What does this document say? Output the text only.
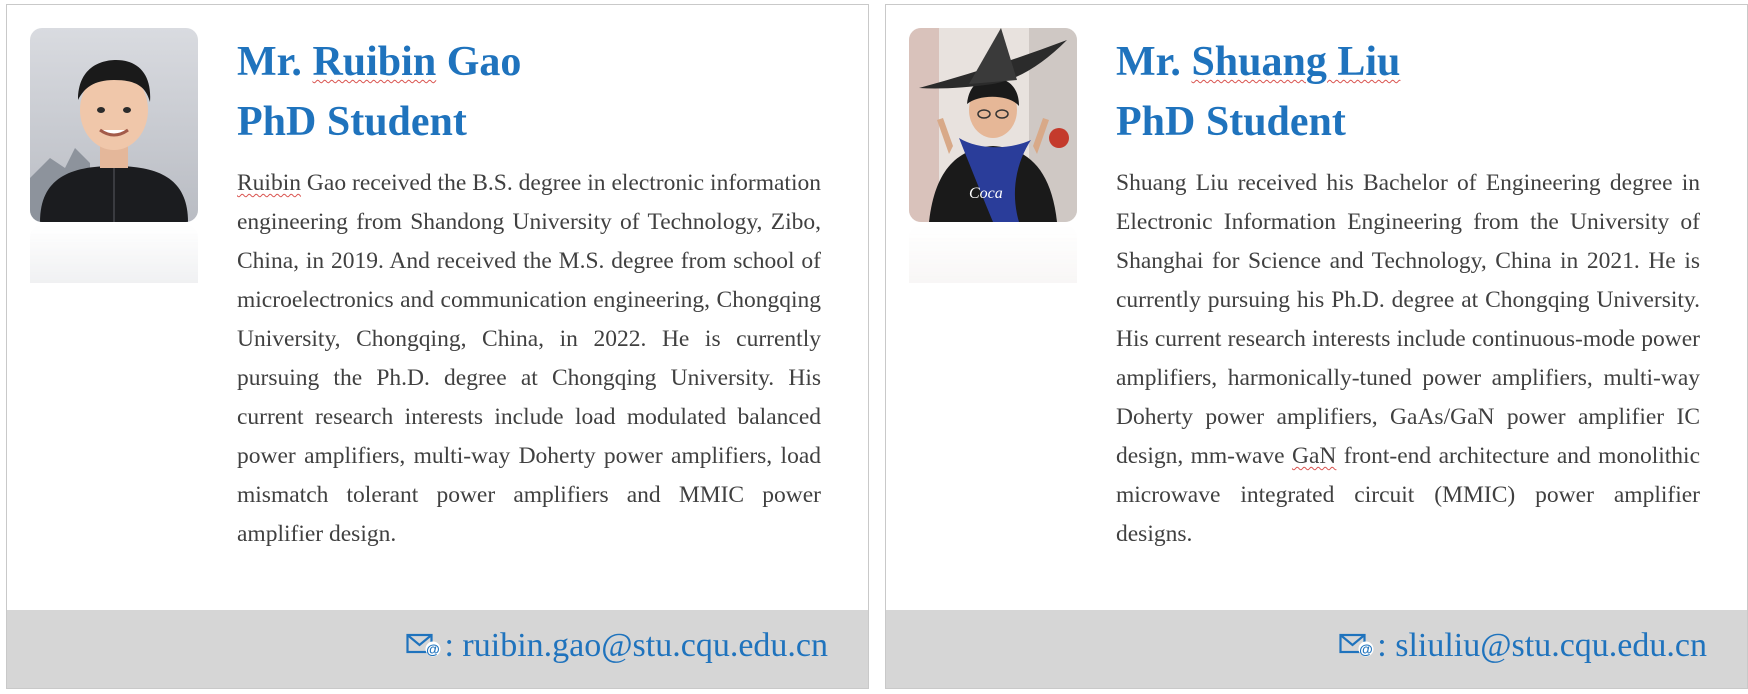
Mr. Ruibin Gao
PhD Student

Ruibin Gao received the B.S. degree in electronic information engineering from Shandong University of Technology, Zibo, China, in 2019. And received the M.S. degree from school of microelectronics and communication engineering, Chongqing University, Chongqing, China, in 2022. He is currently pursuing the Ph.D. degree at Chongqing University. His current research interests include load modulated balanced power amplifiers, multi-way Doherty power amplifiers, load mismatch tolerant power amplifiers and MMIC power amplifier design.

@ : ruibin.gao@stu.cqu.edu.cn
Coca
Mr. Shuang Liu
PhD Student

Shuang Liu received his Bachelor of Engineering degree in Electronic Information Engineering from the University of Shanghai for Science and Technology, China in 2021. He is currently pursuing his Ph.D. degree at Chongqing University. His current research interests include continuous-mode power amplifiers, harmonically-tuned power amplifiers, multi-way Doherty power amplifiers, GaAs/GaN power amplifier IC design, mm-wave GaN front-end architecture and monolithic microwave integrated circuit (MMIC) power amplifier designs.

@ : sliuliu@stu.cqu.edu.cn
